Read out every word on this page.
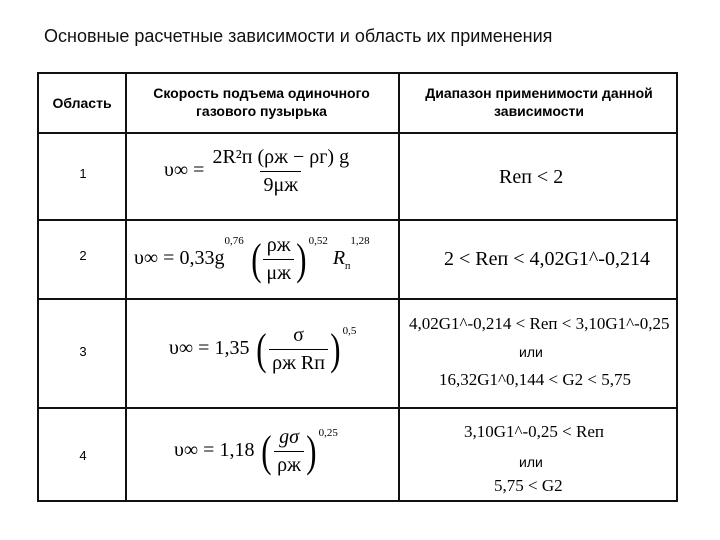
Основные расчетные зависимости и область их применения
Область
Скорость подъема одиночного газового пузырька
Диапазон применимости данной зависимости
1
2
3
4
$\upsilon\infty = \frac{\text{2R²п (ρж − ρг) g}}{9\mu ж}$
$\upsilon\infty = 0,33g^{0,76}$ ( $\frac{\rho ж}{\mu ж}$ ) $^{0,52}$ $R_п^{1,28}$
υ∞ = 1,35 ( $\frac{\sigma}{\text{ρж Rп}}$ ) $^{0,5}$
υ∞ = 1,18 ( $\frac{g\sigma}{\rho ж}$ ) $^{0,25}$
Reп < 2
2 < Reп < 4,02G1^-0,214
4,02G1^-0,214 < Reп < 3,10G1^-0,25
или
16,32G1^0,144 < G2 < 5,75
3,10G1^-0,25 < Reп
или
5,75 < G2
